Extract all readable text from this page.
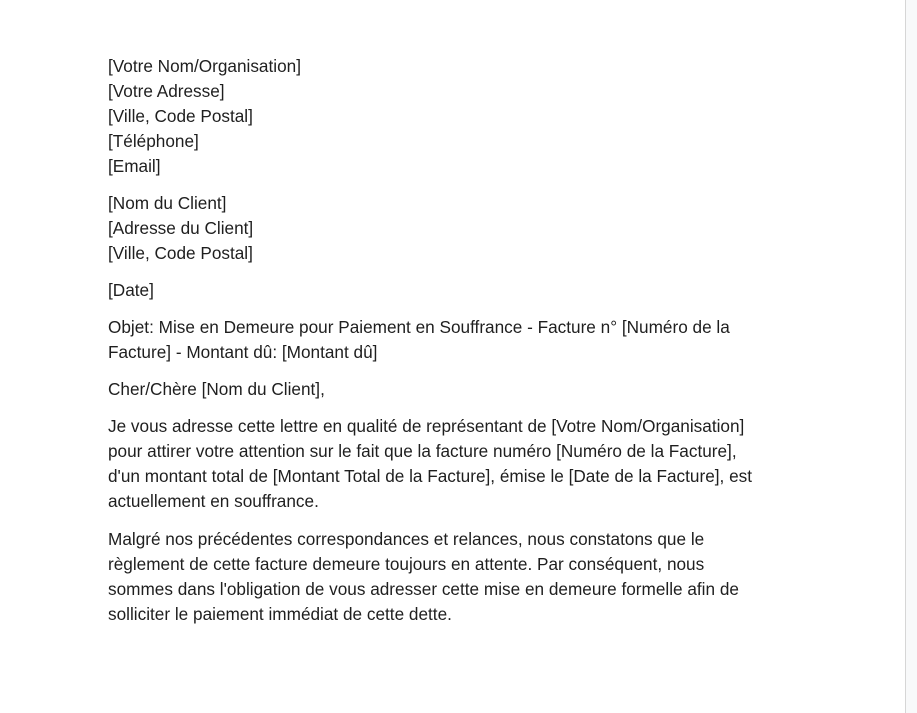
[Votre Nom/Organisation]
[Votre Adresse]
[Ville, Code Postal]
[Téléphone]
[Email]
[Nom du Client]
[Adresse du Client]
[Ville, Code Postal]
[Date]
Objet: Mise en Demeure pour Paiement en Souffrance - Facture n° [Numéro de la
Facture] - Montant dû: [Montant dû]
Cher/Chère [Nom du Client],
Je vous adresse cette lettre en qualité de représentant de [Votre Nom/Organisation]
pour attirer votre attention sur le fait que la facture numéro [Numéro de la Facture],
d'un montant total de [Montant Total de la Facture], émise le [Date de la Facture], est
actuellement en souffrance.
Malgré nos précédentes correspondances et relances, nous constatons que le
règlement de cette facture demeure toujours en attente. Par conséquent, nous
sommes dans l'obligation de vous adresser cette mise en demeure formelle afin de
solliciter le paiement immédiat de cette dette.
